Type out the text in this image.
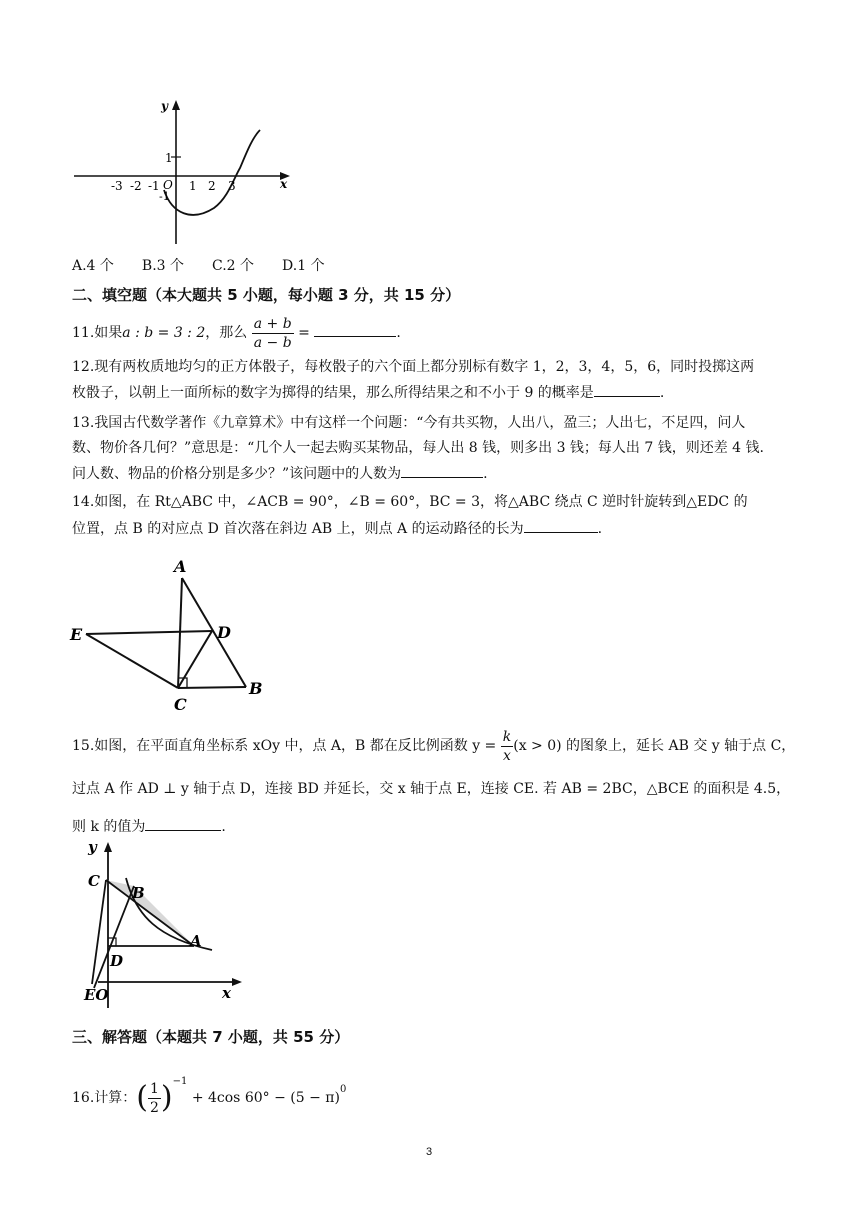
y
x
1
O
-1
-3 -2 -1 1 2 3
A.4 个　　B.3 个　　C.2 个　　D.1 个
二、填空题（本大题共 5 小题，每小题 3 分，共 15 分）
11.如果a : b = 3 : 2，那么 $\frac{a + b}{a - b}$ =	.
12.现有两枚质地均匀的正方体骰子，每枚骰子的六个面上都分别标有数字 1，2，3，4，5，6，同时投掷这两
枚骰子，以朝上一面所标的数字为掷得的结果，那么所得结果之和不小于 9 的概率是	.
13.我国古代数学著作《九章算术》中有这样一个问题：“今有共买物，人出八，盈三；人出七，不足四，问人
数、物价各几何？”意思是：“几个人一起去购买某物品，每人出 8 钱，则多出 3 钱；每人出 7 钱，则还差 4 钱.
问人数、物品的价格分别是多少？”该问题中的人数为	.
14.如图，在 Rt△ABC 中，∠ACB = 90°，∠B = 60°，BC = 3，将△ABC 绕点 C 逆时针旋转到△EDC 的
位置，点 B 的对应点 D 首次落在斜边 AB 上，则点 A 的运动路径的长为	.
A
E	D
B
C
15.如图，在平面直角坐标系 xOy 中，点 A，B 都在反比例函数 $y = \frac{k}{x} (x > 0)$ 的图象上，延长 AB 交 y 轴于点 C，
过点 A 作 AD ⊥ y 轴于点 D，连接 BD 并延长，交 x 轴于点 E，连接 CE. 若 AB = 2BC，△BCE 的面积是 4.5，
则 k 的值为	.
y
x
C
B
A
D
EO
三、解答题（本题共 7 小题，共 55 分）
16.计算：( $\frac{1}{2} )^{-1} + 4\cos$ $60^\circ - (5 - \pi)^0$
3
